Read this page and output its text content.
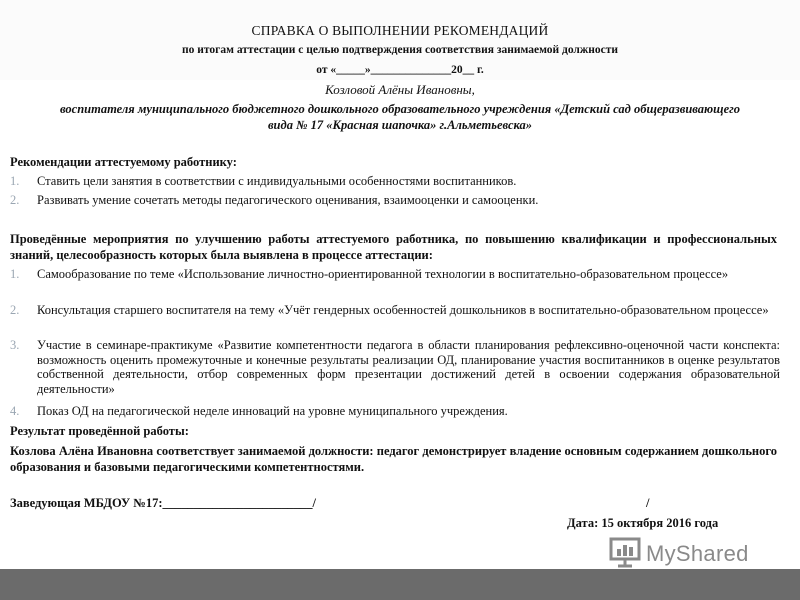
СПРАВКА О ВЫПОЛНЕНИИ РЕКОМЕНДАЦИЙ
по итогам аттестации с целью подтверждения соответствия занимаемой должности
от «_____»______________20__ г.
Козловой Алёны Ивановны,
воспитателя муниципального бюджетного дошкольного образовательного учреждения «Детский сад общеразвивающего вида № 17 «Красная шапочка» г.Альметьевска»
Рекомендации аттестуемому работнику:
1. Ставить цели занятия в соответствии с индивидуальными особенностями воспитанников.
2. Развивать умение сочетать методы педагогического оценивания, взаимооценки и самооценки.
Проведённые мероприятия по улучшению работы аттестуемого работника, по повышению квалификации и профессиональных знаний, целесообразность которых была выявлена в процессе аттестации:
1. Самообразование по теме «Использование личностно-ориентированной технологии в воспитательно-образовательном процессе»
2. Консультация старшего воспитателя на тему «Учёт гендерных особенностей дошкольников в воспитательно-образовательном процессе»
3. Участие в семинаре-практикуме «Развитие компетентности педагога в области планирования рефлексивно-оценочной части конспекта: возможность оценить промежуточные и конечные результаты реализации ОД, планирование участия воспитанников в оценке результатов собственной деятельности, отбор современных форм презентации достижений детей в освоении содержания образовательной деятельности»
4. Показ ОД на педагогической неделе инноваций на уровне муниципального учреждения.
Результат проведённой работы:
Козлова Алёна Ивановна соответствует занимаемой должности: педагог демонстрирует владение основным содержанием дошкольного образования и базовыми педагогическими компетентностями.
Заведующая МБДОУ №17:________________________/	/
Дата: 15 октября 2016 года
MyShared
